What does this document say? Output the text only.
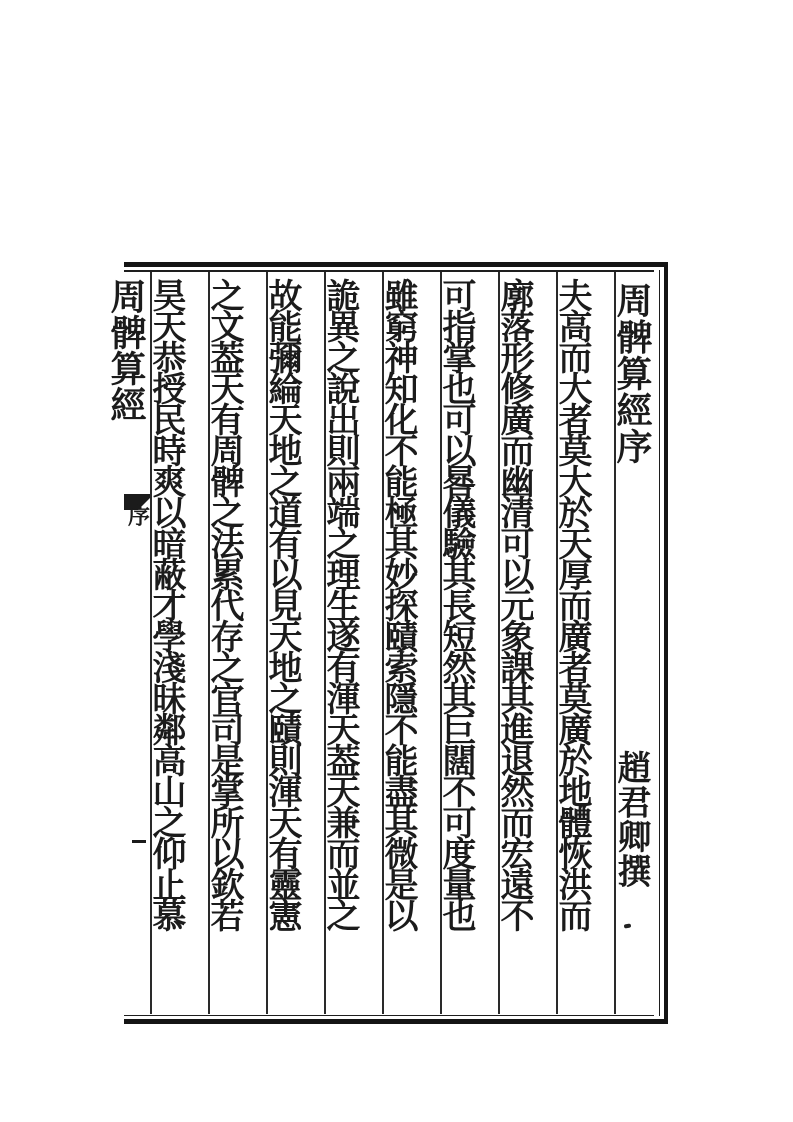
周髀算經序
趙君卿撰
夫高而大者莫大於天厚而廣者莫廣於地體恢洪而
廓落形修廣而幽清可以元象課其進退然而宏遠不
可指掌也可以晷儀驗其長短然其巨闊不可度量也
雖窮神知化不能極其妙探賾索隱不能盡其微是以
詭異之說出則兩端之理生遂有渾天葢天兼而並之
故能彌綸天地之道有以見天地之賾則渾天有靈憲
之文葢天有周髀之法累代存之官司是掌所以欽若
昊天恭授民時爽以暗蔽才學淺昧鄰高山之仰止慕
周髀算經
序
